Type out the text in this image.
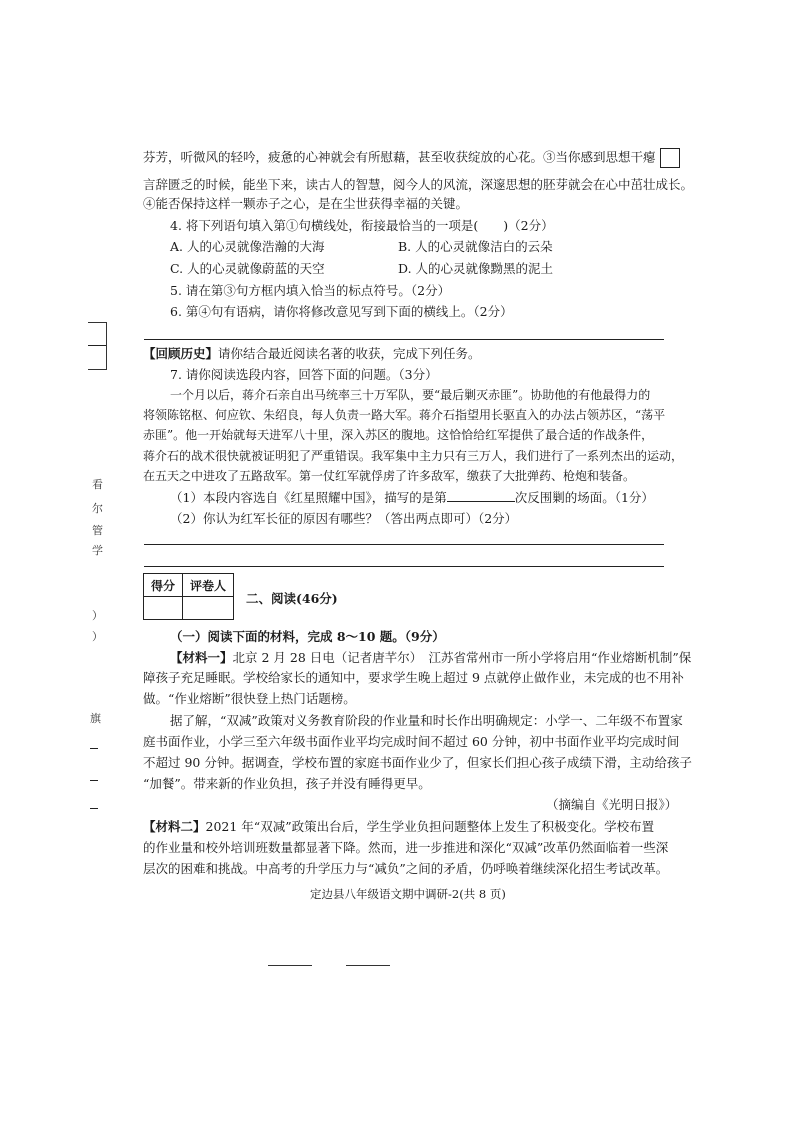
看
尔
管
学
）
）
旗
芬芳，听微风的轻吟，疲惫的心神就会有所慰藉，甚至收获绽放的心花。③当你感到思想干瘪
言辞匮乏的时候，能坐下来，读古人的智慧，阅今人的风流，深邃思想的胚芽就会在心中茁壮成长。
④能否保持这样一颗赤子之心，是在尘世获得幸福的关键。
4. 将下列语句填入第①句横线处，衔接最恰当的一项是(　　)（2分）
A. 人的心灵就像浩瀚的大海	B. 人的心灵就像洁白的云朵
C. 人的心灵就像蔚蓝的天空	D. 人的心灵就像黝黑的泥土
5. 请在第③句方框内填入恰当的标点符号。（2分）
6. 第④句有语病，请你将修改意见写到下面的横线上。（2分）
【回顾历史】请你结合最近阅读名著的收获，完成下列任务。
7. 请你阅读选段内容，回答下面的问题。（3分）
一个月以后，蒋介石亲自出马统率三十万军队，要“最后剿灭赤匪”。协助他的有他最得力的
将领陈铭枢、何应钦、朱绍良，每人负责一路大军。蒋介石指望用长驱直入的办法占领苏区，“荡平
赤匪”。他一开始就每天进军八十里，深入苏区的腹地。这恰恰给红军提供了最合适的作战条件，
蒋介石的战术很快就被证明犯了严重错误。我军集中主力只有三万人，我们进行了一系列杰出的运动，
在五天之中进攻了五路敌军。第一仗红军就俘虏了许多敌军，缴获了大批弹药、枪炮和装备。
（1）本段内容选自《红星照耀中国》，描写的是第	次反围剿的场面。（1分）
（2）你认为红军长征的原因有哪些？（答出两点即可）（2分）
得分	评卷人

二、阅读(46分)
（一）阅读下面的材料，完成 8～10 题。（9分）
【材料一】北京 2 月 28 日电（记者唐芊尔）　江苏省常州市一所小学将启用“作业熔断机制”保
障孩子充足睡眠。学校给家长的通知中，要求学生晚上超过 9 点就停止做作业，未完成的也不用补
做。“作业熔断”很快登上热门话题榜。
据了解，“双减”政策对义务教育阶段的作业量和时长作出明确规定：小学一、二年级不布置家
庭书面作业，小学三至六年级书面作业平均完成时间不超过 60 分钟，初中书面作业平均完成时间
不超过 90 分钟。据调查，学校布置的家庭书面作业少了，但家长们担心孩子成绩下滑，主动给孩子
“加餐”。带来新的作业负担，孩子并没有睡得更早。
（摘编自《光明日报》）
【材料二】2021 年“双减”政策出台后，学生学业负担问题整体上发生了积极变化。学校布置
的作业量和校外培训班数量都显著下降。然而，进一步推进和深化“双减”改革仍然面临着一些深
层次的困难和挑战。中高考的升学压力与“减负”之间的矛盾，仍呼唤着继续深化招生考试改革。
定边县八年级语文期中调研-2(共 8 页)
